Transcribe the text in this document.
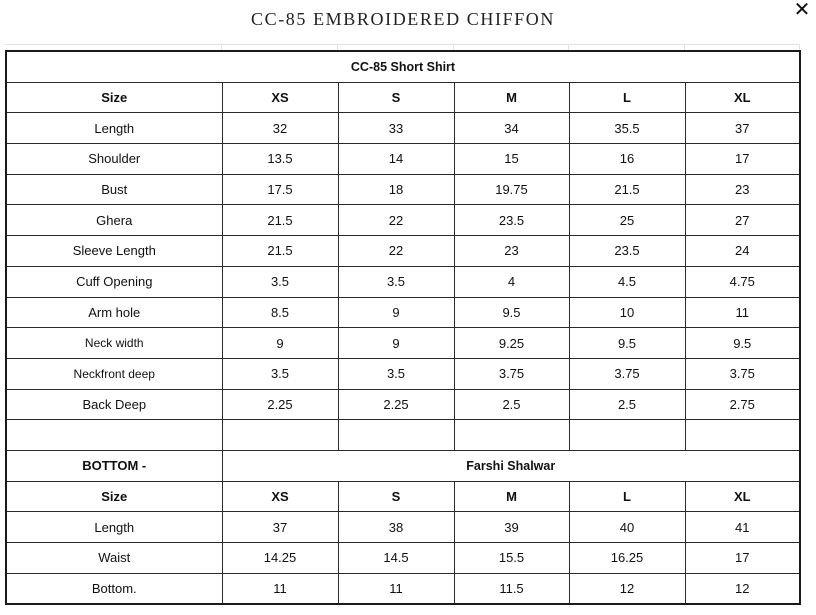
CC-85 EMBROIDERED CHIFFON	✕
CC-85 Short Shirt					
Size	XS	S	M	L	XL
Length	32	33	34	35.5	37
Shoulder	13.5	14	15	16	17
Bust	17.5	18	19.75	21.5	23
Ghera	21.5	22	23.5	25	27
Sleeve Length	21.5	22	23	23.5	24
Cuff Opening	3.5	3.5	4	4.5	4.75
Arm hole	8.5	9	9.5	10	11
Neck width	9	9	9.25	9.5	9.5
Neckfront deep	3.5	3.5	3.75	3.75	3.75
Back Deep	2.25	2.25	2.5	2.5	2.75

BOTTOM -	Farshi Shalwar				
Size	XS	S	M	L	XL
Length	37	38	39	40	41
Waist	14.25	14.5	15.5	16.25	17
Bottom.	11	11	11.5	12	12
